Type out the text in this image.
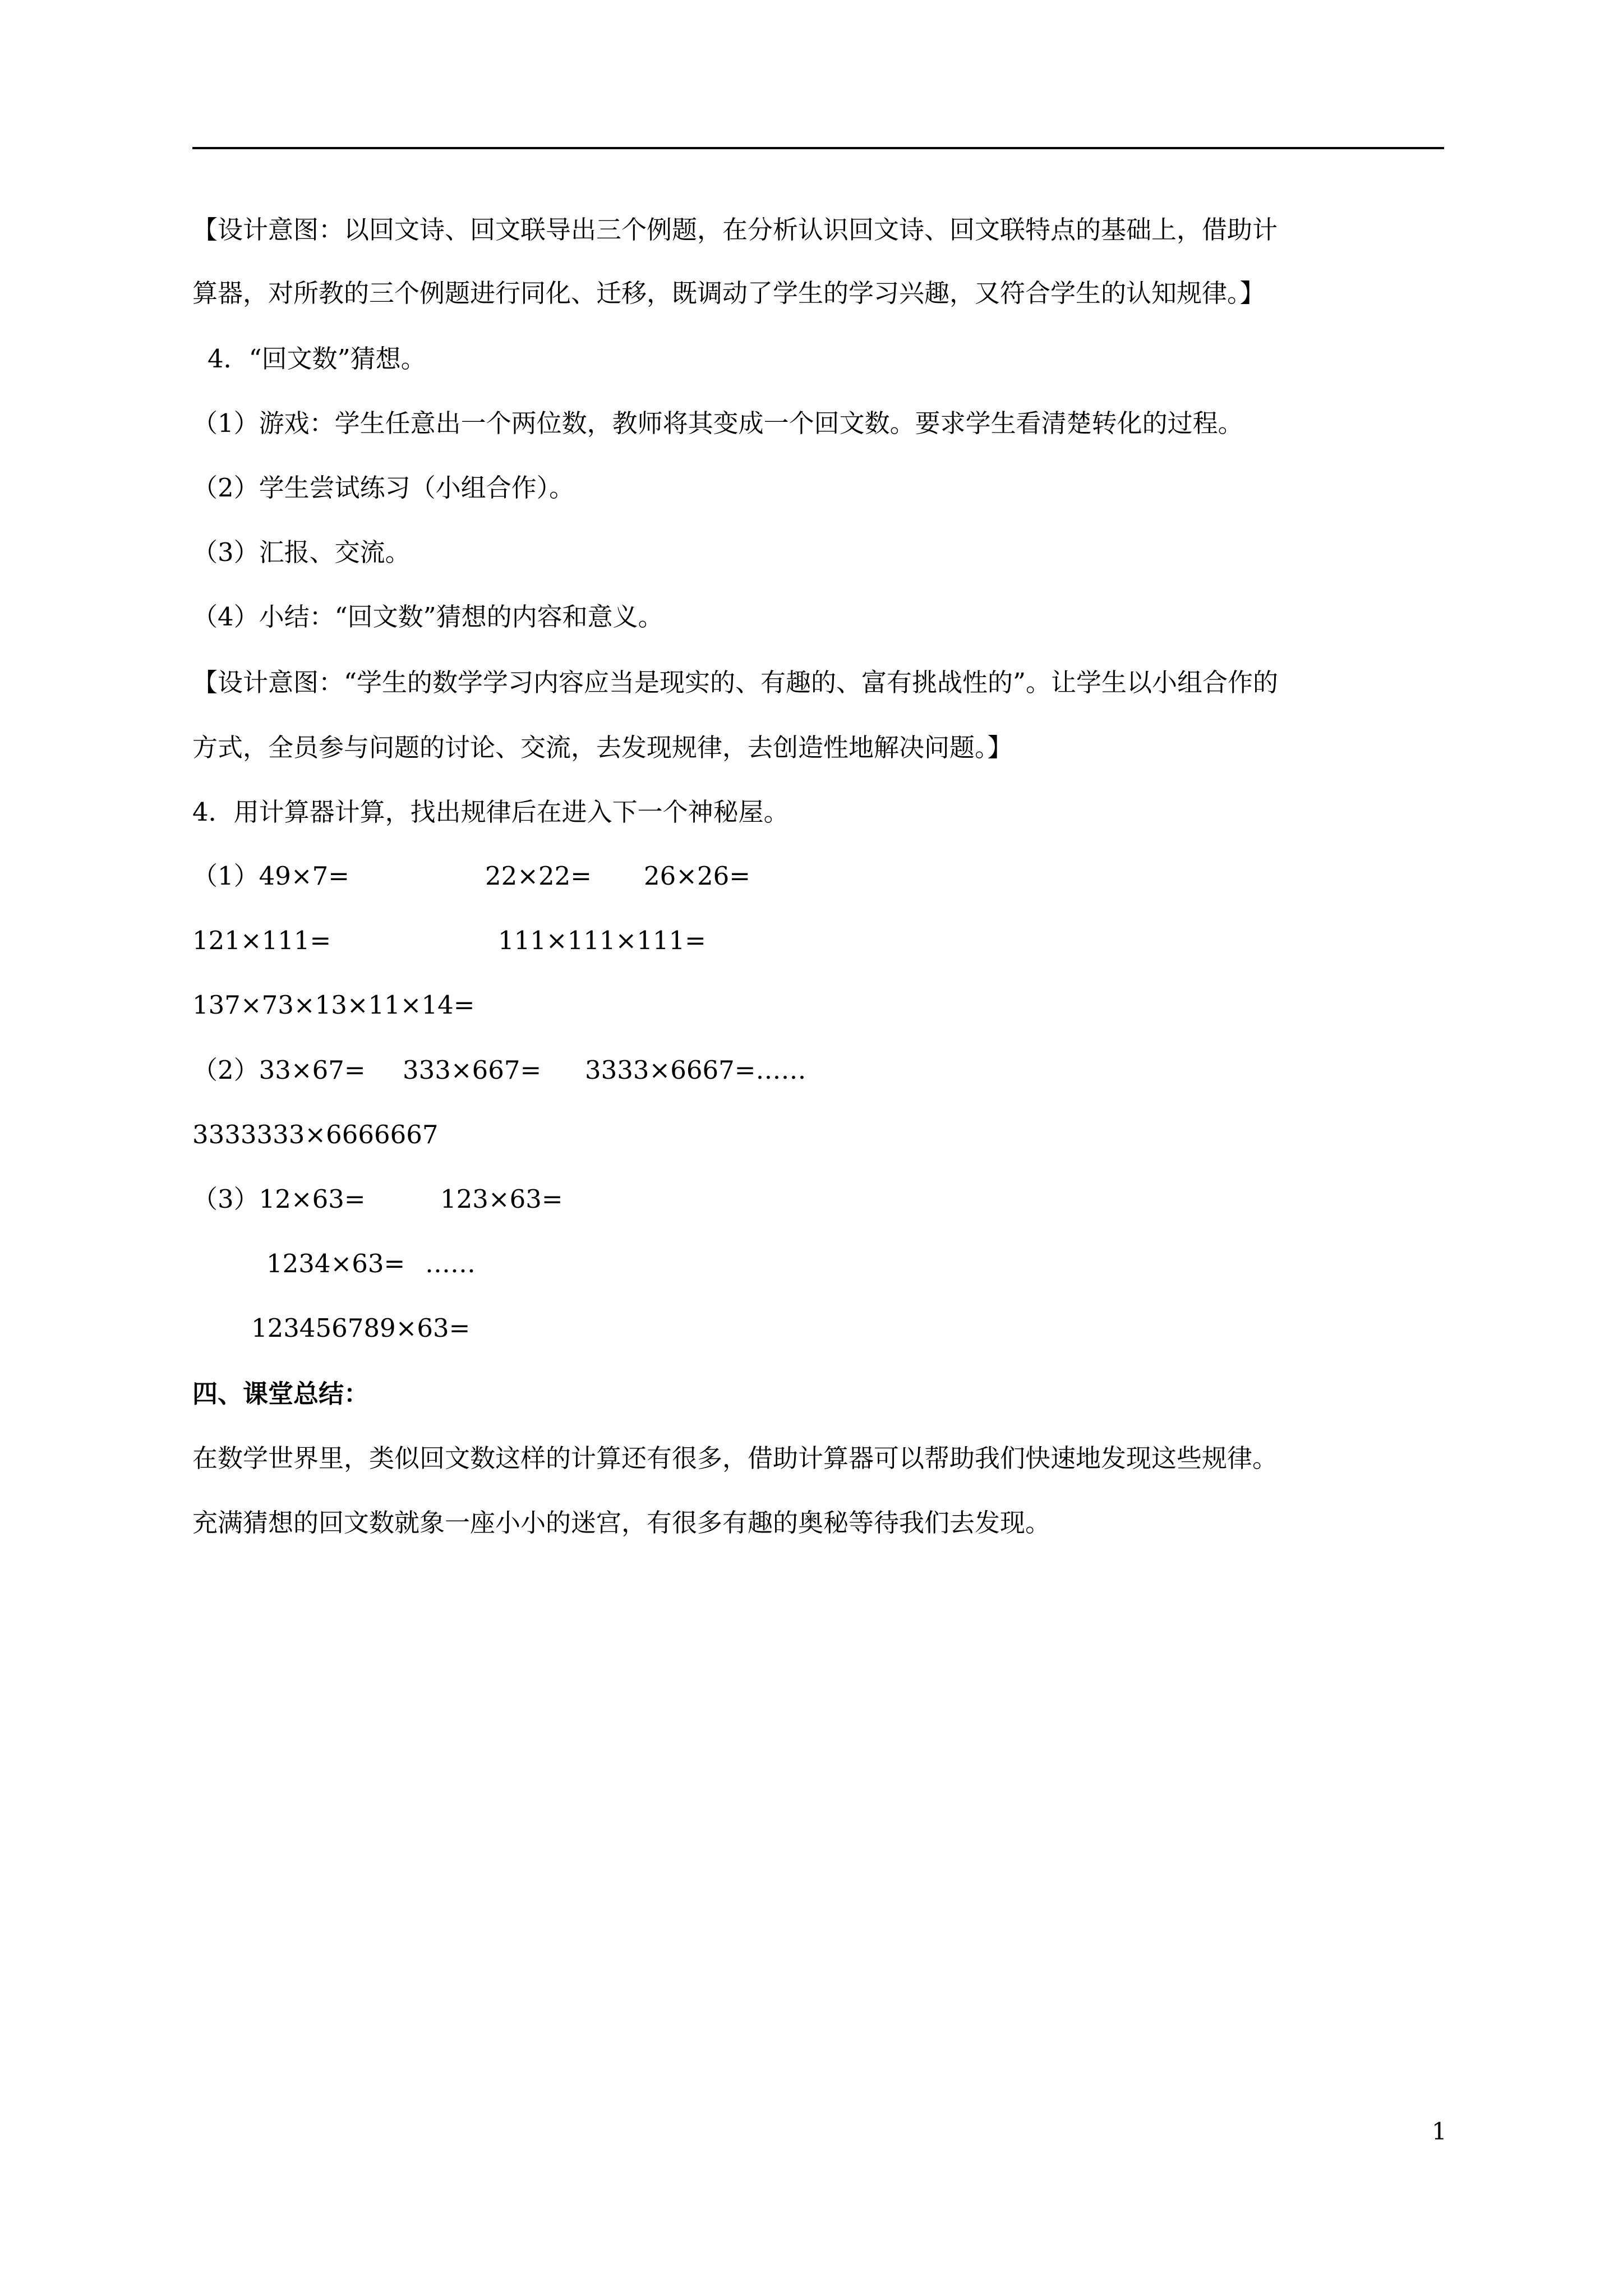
【设计意图：以回文诗、回文联导出三个例题，在分析认识回文诗、回文联特点的基础上，借助计
算器，对所教的三个例题进行同化、迁移，既调动了学生的学习兴趣，又符合学生的认知规律。】
4．“回文数”猜想。
（1）游戏：学生任意出一个两位数，教师将其变成一个回文数。要求学生看清楚转化的过程。
（2）学生尝试练习（小组合作）。
（3）汇报、交流。
（4）小结：“回文数”猜想的内容和意义。
【设计意图：“学生的数学学习内容应当是现实的、有趣的、富有挑战性的”。让学生以小组合作的
方式，全员参与问题的讨论、交流，去发现规律，去创造性地解决问题。】
4．用计算器计算，找出规律后在进入下一个神秘屋。
（1）49×7=	22×22= 26×26=
121×111=	111×111×111=
137×73×13×11×14=
（2）33×67= 333×667= 3333×6667=……
3333333×6666667
（3）12×63=	123×63=
1234×63= ……
123456789×63=
四、课堂总结：
在数学世界里，类似回文数这样的计算还有很多，借助计算器可以帮助我们快速地发现这些规律。
充满猜想的回文数就象一座小小的迷宫，有很多有趣的奥秘等待我们去发现。
1
